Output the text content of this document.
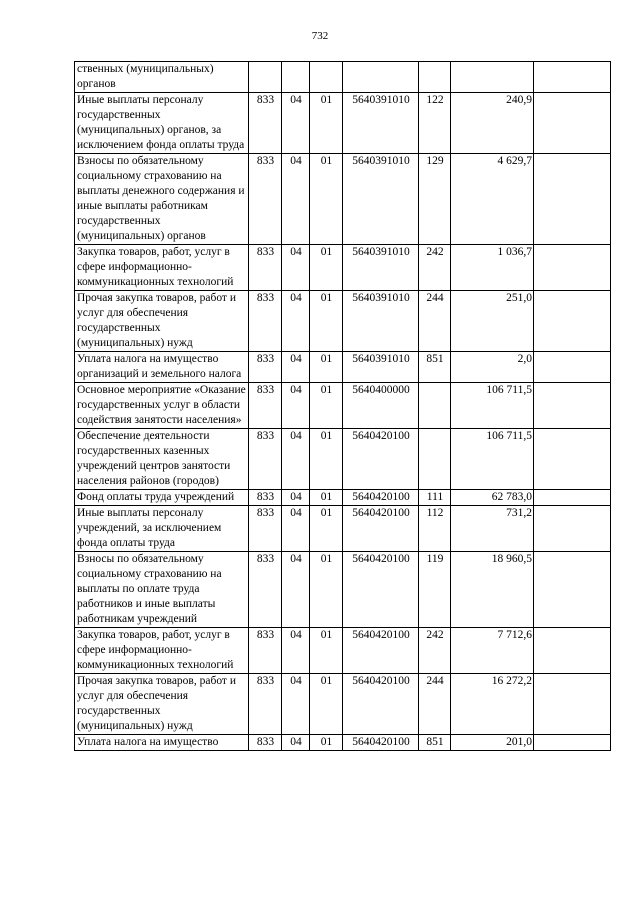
732
ственных (муниципальных) органов							
Иные выплаты персоналу государственных (муниципальных) органов, за исключением фонда оплаты труда	833	04	01	5640391010	122	240,9	
Взносы по обязательному социальному страхованию на выплаты денежного содержания и иные выплаты работникам государственных (муниципальных) органов	833	04	01	5640391010	129	4 629,7	
Закупка товаров, работ, услуг в сфере информационно-коммуникационных технологий	833	04	01	5640391010	242	1 036,7	
Прочая закупка товаров, работ и услуг для обеспечения государственных (муниципальных) нужд	833	04	01	5640391010	244	251,0	
Уплата налога на имущество организаций и земельного налога	833	04	01	5640391010	851	2,0	
Основное мероприятие «Оказание государственных услуг в области содействия занятости населения»	833	04	01	5640400000		106 711,5	
Обеспечение деятельности государственных казенных учреждений центров занятости населения районов (городов)	833	04	01	5640420100		106 711,5	
Фонд оплаты труда учреждений	833	04	01	5640420100	111	62 783,0	
Иные выплаты персоналу учреждений, за исключением фонда оплаты труда	833	04	01	5640420100	112	731,2	
Взносы по обязательному социальному страхованию на выплаты по оплате труда работников и иные выплаты работникам учреждений	833	04	01	5640420100	119	18 960,5	
Закупка товаров, работ, услуг в сфере информационно-коммуникационных технологий	833	04	01	5640420100	242	7 712,6	
Прочая закупка товаров, работ и услуг для обеспечения государственных (муниципальных) нужд	833	04	01	5640420100	244	16 272,2	
Уплата налога на имущество	833	04	01	5640420100	851	201,0	
